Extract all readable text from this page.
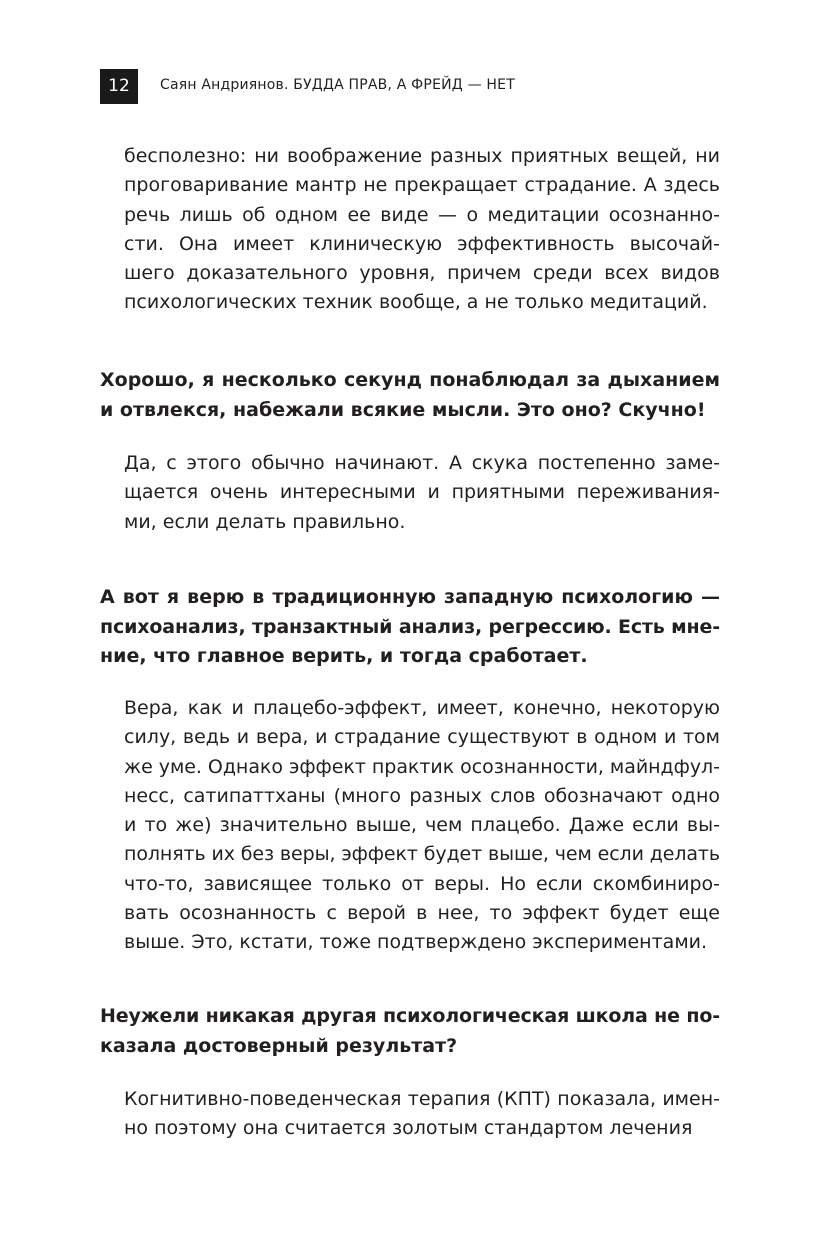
12	Саян Андриянов. БУДДА ПРАВ, А ФРЕЙД — НЕТ
бесполезно: ни воображение разных приятных вещей, ни
проговаривание мантр не прекращает страдание. А здесь
речь лишь об одном ее виде — о медитации осознанно-
сти. Она имеет клиническую эффективность высочай-
шего доказательного уровня, причем среди всех видов
психологических техник вообще, а не только медитаций.
Хорошо, я несколько секунд понаблюдал за дыханием
и отвлекся, набежали всякие мысли. Это оно? Скучно!
Да, с этого обычно начинают. А скука постепенно заме-
щается очень интересными и приятными переживания-
ми, если делать правильно.
А вот я верю в традиционную западную психологию —
психоанализ, транзактный анализ, регрессию. Есть мне-
ние, что главное верить, и тогда сработает.
Вера, как и плацебо-эффект, имеет, конечно, некоторую
силу, ведь и вера, и страдание существуют в одном и том
же уме. Однако эффект практик осознанности, майндфул-
несс, сатипаттханы (много разных слов обозначают одно
и то же) значительно выше, чем плацебо. Даже если вы-
полнять их без веры, эффект будет выше, чем если делать
что-то, зависящее только от веры. Но если скомбиниро-
вать осознанность с верой в нее, то эффект будет еще
выше. Это, кстати, тоже подтверждено экспериментами.
Неужели никакая другая психологическая школа не по-
казала достоверный результат?
Когнитивно-поведенческая терапия (КПТ) показала, имен-
но поэтому она считается золотым стандартом лечения
